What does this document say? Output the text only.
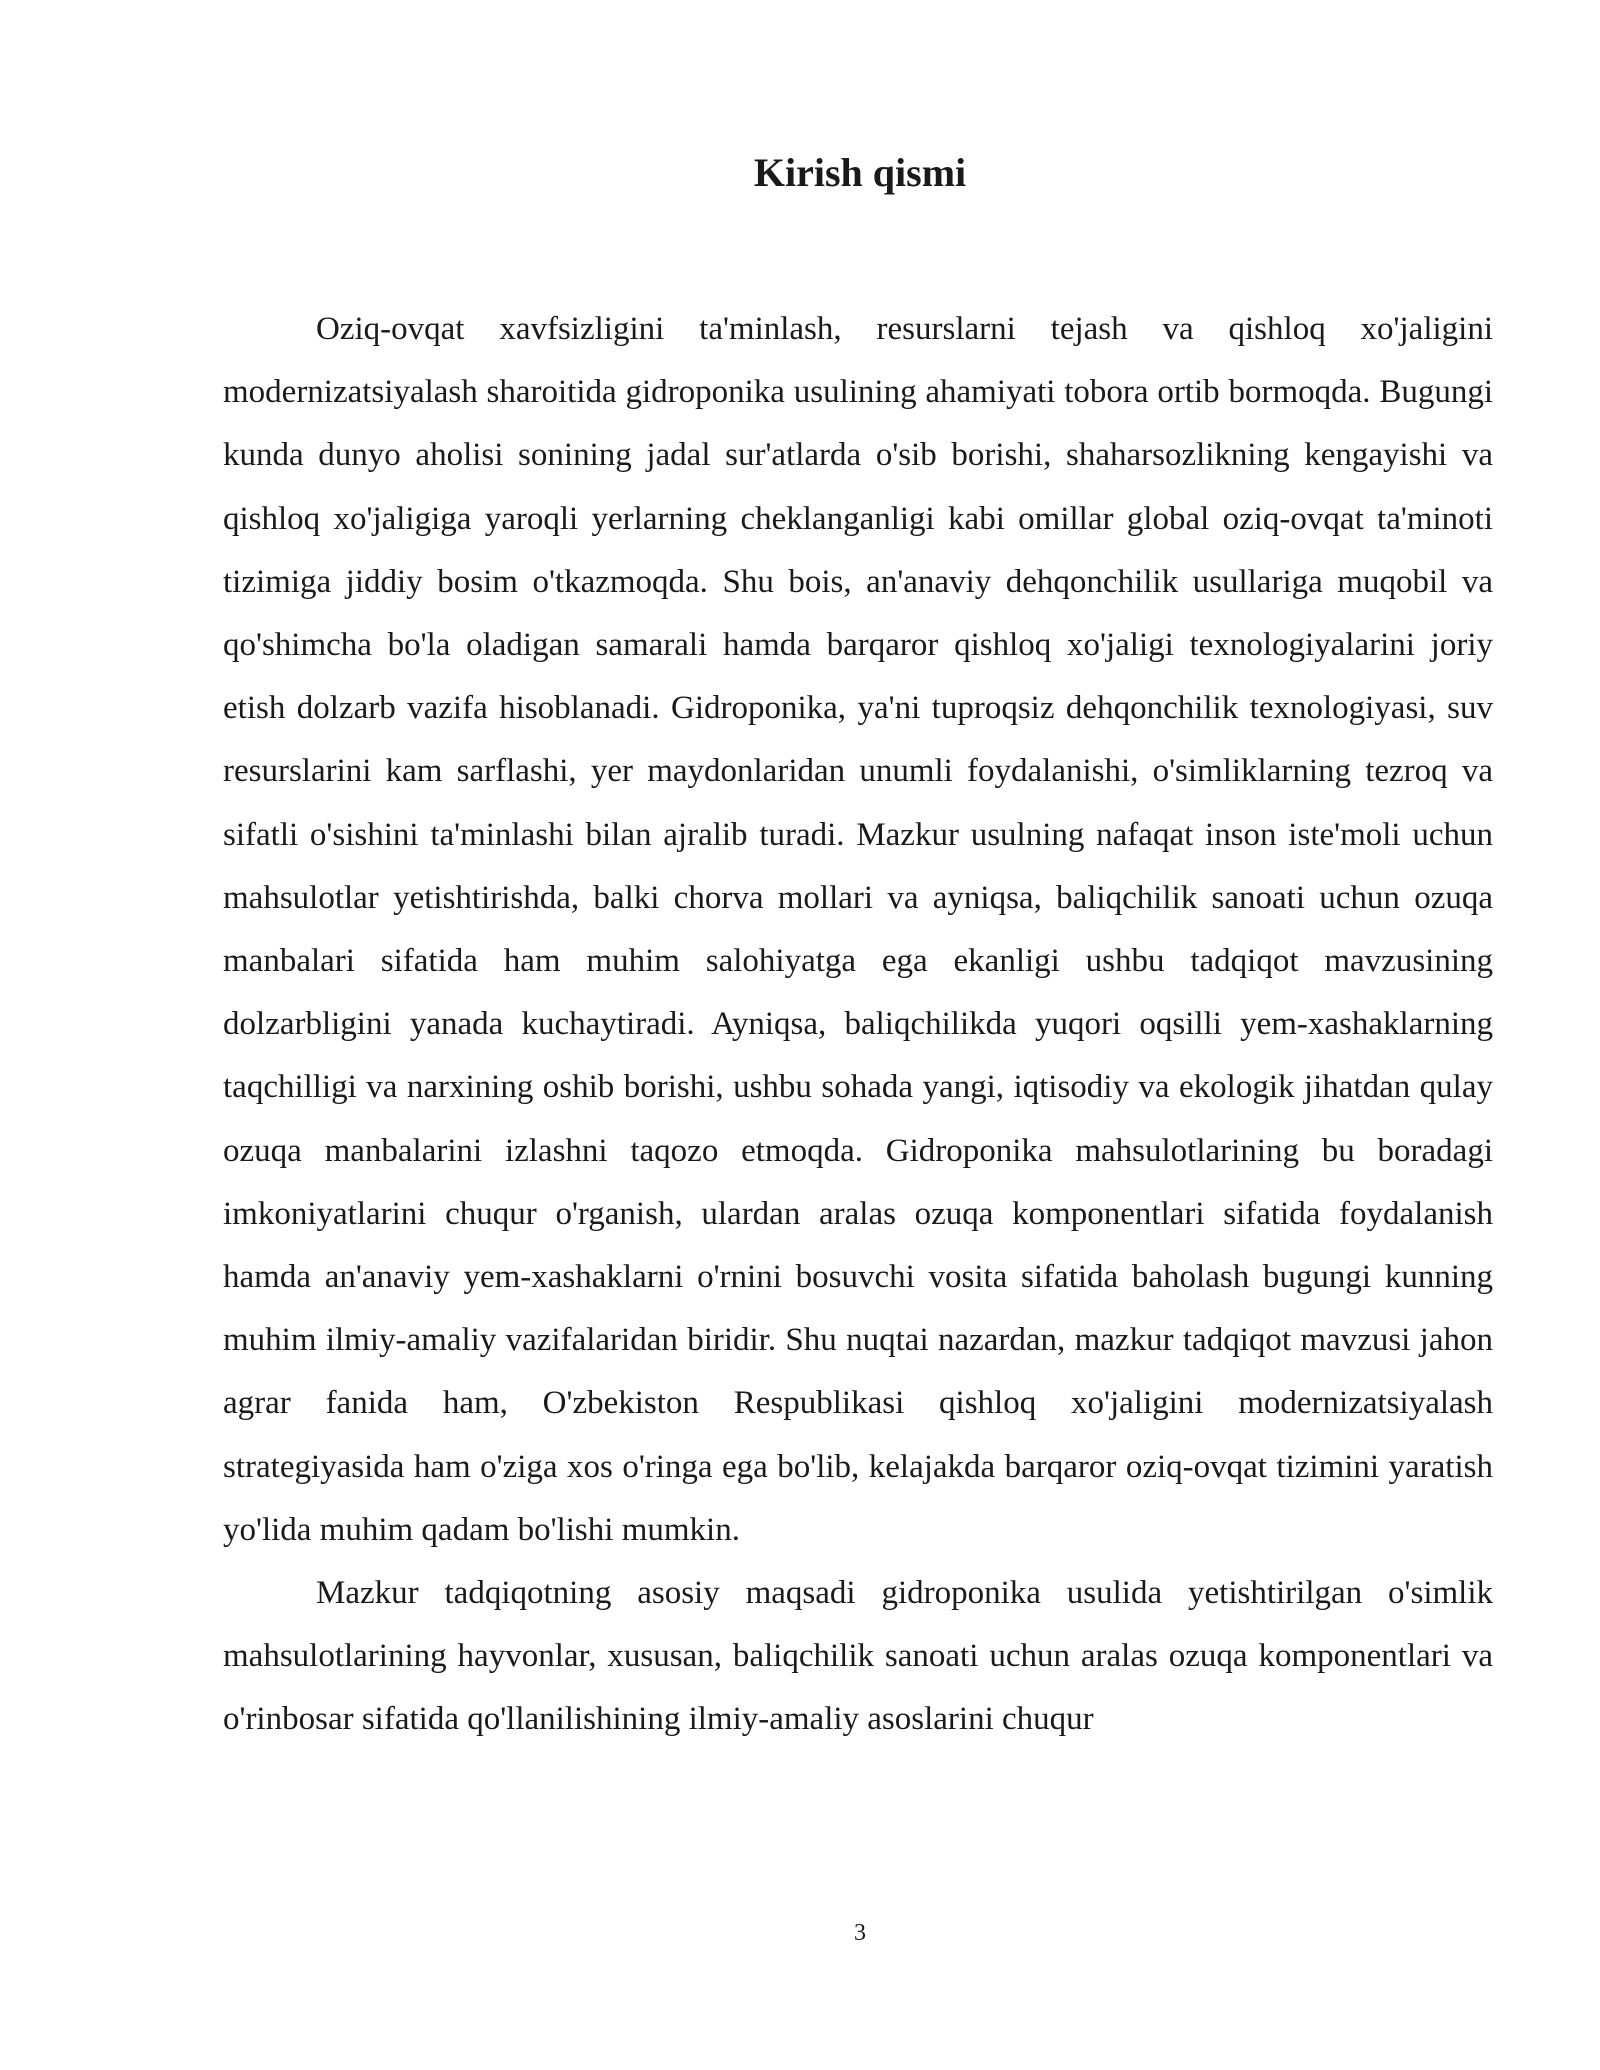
Kirish qismi

Oziq-ovqat xavfsizligini ta'minlash, resurslarni tejash va qishloq xo'jaligini modernizatsiyalash sharoitida gidroponika usulining ahamiyati tobora ortib bormoqda. Bugungi kunda dunyo aholisi sonining jadal sur'atlarda o'sib borishi, shaharsozlikning kengayishi va qishloq xo'jaligiga yaroqli yerlarning cheklanganligi kabi omillar global oziq-ovqat ta'minoti tizimiga jiddiy bosim o'tkazmoqda. Shu bois, an'anaviy dehqonchilik usullariga muqobil va qo'shimcha bo'la oladigan samarali hamda barqaror qishloq xo'jaligi texnologiyalarini joriy etish dolzarb vazifa hisoblanadi. Gidroponika, ya'ni tuproqsiz dehqonchilik texnologiyasi, suv resurslarini kam sarflashi, yer maydonlaridan unumli foydalanishi, o'simliklarning tezroq va sifatli o'sishini ta'minlashi bilan ajralib turadi. Mazkur usulning nafaqat inson iste'moli uchun mahsulotlar yetishtirishda, balki chorva mollari va ayniqsa, baliqchilik sanoati uchun ozuqa manbalari sifatida ham muhim salohiyatga ega ekanligi ushbu tadqiqot mavzusining dolzarbligini yanada kuchaytiradi. Ayniqsa, baliqchilikda yuqori oqsilli yem-xashaklarning taqchilligi va narxining oshib borishi, ushbu sohada yangi, iqtisodiy va ekologik jihatdan qulay ozuqa manbalarini izlashni taqozo etmoqda. Gidroponika mahsulotlarining bu boradagi imkoniyatlarini chuqur o'rganish, ulardan aralas ozuqa komponentlari sifatida foydalanish hamda an'anaviy yem-xashaklarni o'rnini bosuvchi vosita sifatida baholash bugungi kunning muhim ilmiy-amaliy vazifalaridan biridir. Shu nuqtai nazardan, mazkur tadqiqot mavzusi jahon agrar fanida ham, O'zbekiston Respublikasi qishloq xo'jaligini modernizatsiyalash strategiyasida ham o'ziga xos o'ringa ega bo'lib, kelajakda barqaror oziq-ovqat tizimini yaratish yo'lida muhim qadam bo'lishi mumkin.

Mazkur tadqiqotning asosiy maqsadi gidroponika usulida yetishtirilgan o'simlik mahsulotlarining hayvonlar, xususan, baliqchilik sanoati uchun aralas ozuqa komponentlari va o'rinbosar sifatida qo'llanilishining ilmiy-amaliy asoslarini chuqur

3
